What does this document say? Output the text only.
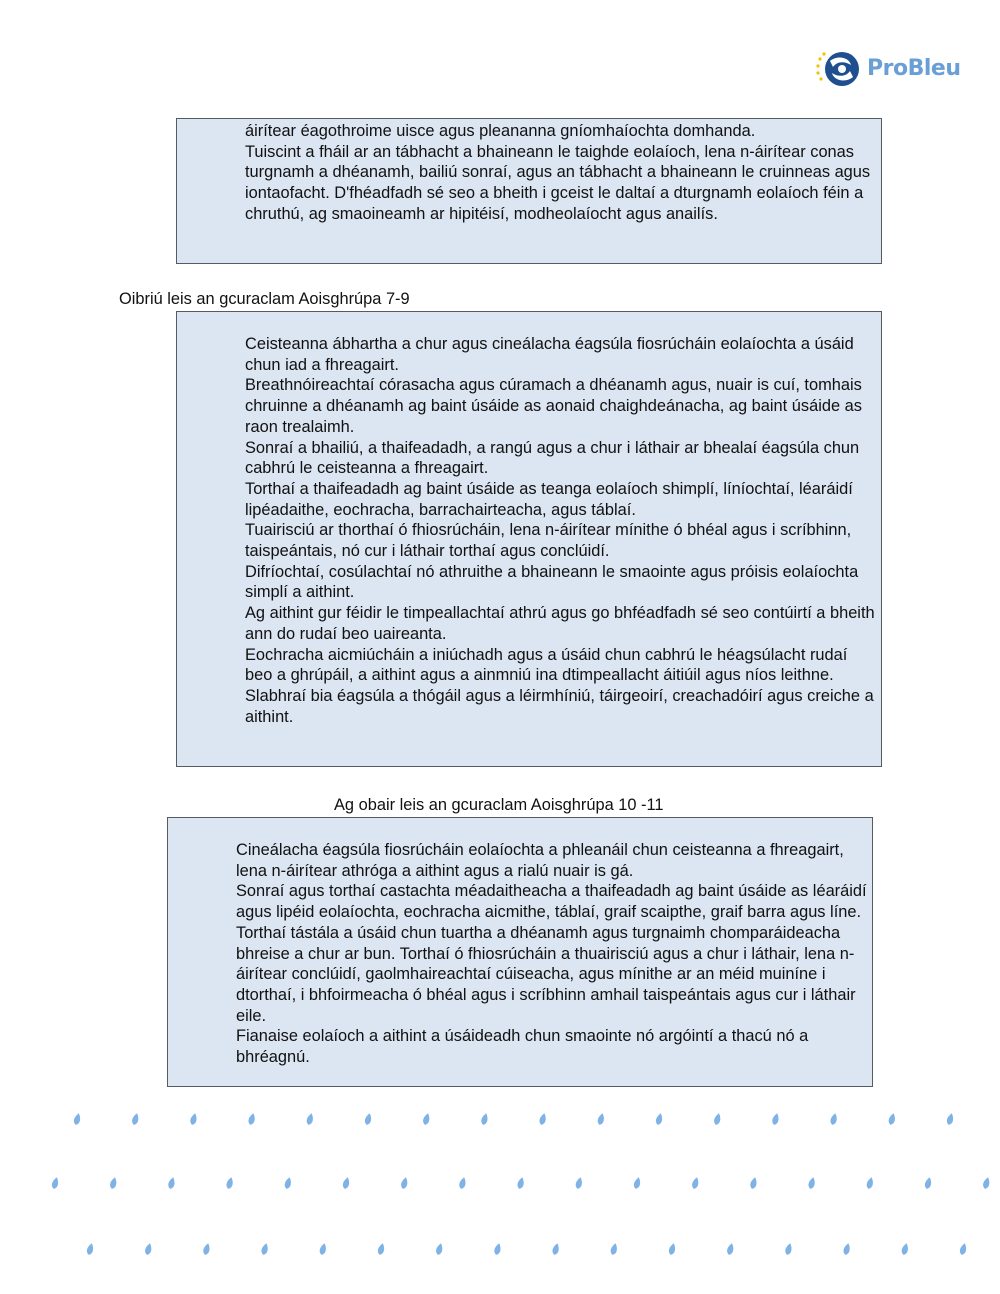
ProBleu

áirítear éagothroime uisce agus pleananna gníomhaíochta domhanda.

Tuiscint a fháil ar an tábhacht a bhaineann le taighde eolaíoch, lena n-áirítear conas turgnamh a dhéanamh, bailiú sonraí, agus an tábhacht a bhaineann le cruinneas agus iontaofacht. D'fhéadfadh sé seo a bheith i gceist le daltaí a dturgnamh eolaíoch féin a chruthú, ag smaoineamh ar hipitéisí, modheolaíocht agus anailís.

Oibriú leis an gcuraclam Aoisghrúpa 7-9

Ceisteanna ábhartha a chur agus cineálacha éagsúla fiosrúcháin eolaíochta a úsáid chun iad a fhreagairt.

Breathnóireachtaí córasacha agus cúramach a dhéanamh agus, nuair is cuí, tomhais chruinne a dhéanamh ag baint úsáide as aonaid chaighdeánacha, ag baint úsáide as raon trealaimh.

Sonraí a bhailiú, a thaifeadadh, a rangú agus a chur i láthair ar bhealaí éagsúla chun cabhrú le ceisteanna a fhreagairt.

Torthaí a thaifeadadh ag baint úsáide as teanga eolaíoch shimplí, líníochtaí, léaráidí lipéadaithe, eochracha, barrachairteacha, agus táblaí.

Tuairisciú ar thorthaí ó fhiosrúcháin, lena n-áirítear mínithe ó bhéal agus i scríbhinn, taispeántais, nó cur i láthair torthaí agus conclúidí.

Difríochtaí, cosúlachtaí nó athruithe a bhaineann le smaointe agus próisis eolaíochta simplí a aithint.

Ag aithint gur féidir le timpeallachtaí athrú agus go bhféadfadh sé seo contúirtí a bheith ann do rudaí beo uaireanta.

Eochracha aicmiúcháin a iniúchadh agus a úsáid chun cabhrú le héagsúlacht rudaí beo a ghrúpáil, a aithint agus a ainmniú ina dtimpeallacht áitiúil agus níos leithne.

Slabhraí bia éagsúla a thógáil agus a léirmhíniú, táirgeoirí, creachadóirí agus creiche a aithint.

Ag obair leis an gcuraclam Aoisghrúpa 10 -11

Cineálacha éagsúla fiosrúcháin eolaíochta a phleanáil chun ceisteanna a fhreagairt, lena n-áirítear athróga a aithint agus a rialú nuair is gá.

Sonraí agus torthaí castachta méadaitheacha a thaifeadadh ag baint úsáide as léaráidí agus lipéid eolaíochta, eochracha aicmithe, táblaí, graif scaipthe, graif barra agus líne.

Torthaí tástála a úsáid chun tuartha a dhéanamh agus turgnaimh chomparáideacha bhreise a chur ar bun. Torthaí ó fhiosrúcháin a thuairisciú agus a chur i láthair, lena n-áirítear conclúidí, gaolmhaireachtaí cúiseacha, agus mínithe ar an méid muiníne i dtorthaí, i bhfoirmeacha ó bhéal agus i scríbhinn amhail taispeántais agus cur i láthair eile.

Fianaise eolaíoch a aithint a úsáideadh chun smaointe nó argóintí a thacú nó a bhréagnú.
